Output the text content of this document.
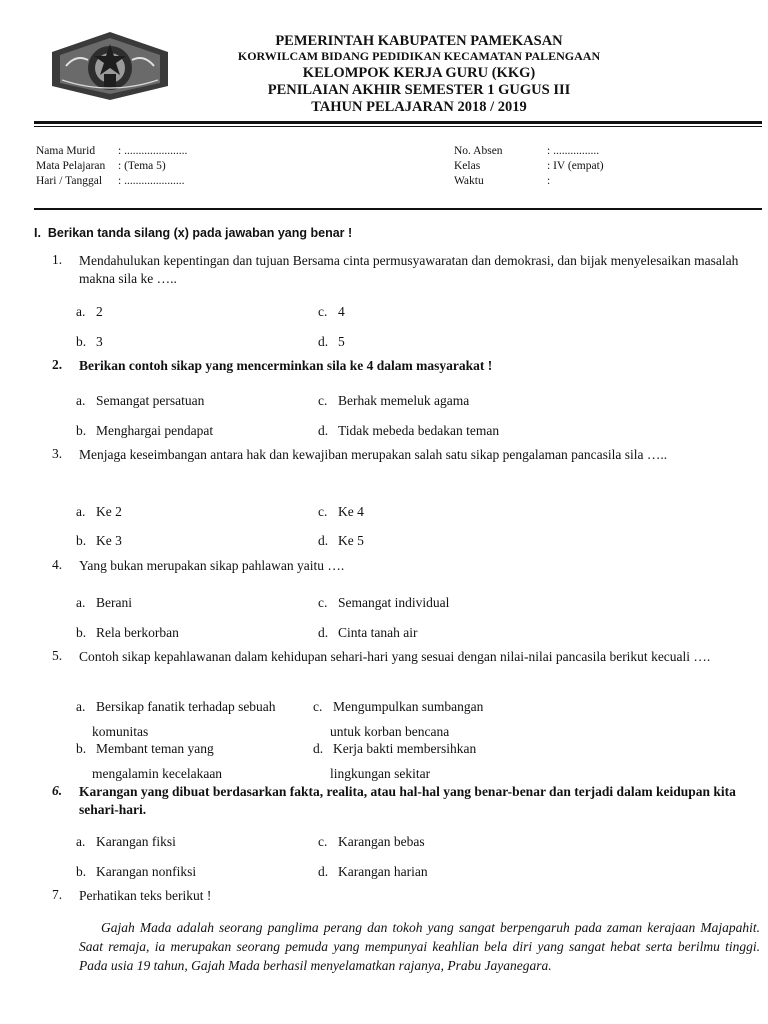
PEMERINTAH KABUPATEN PAMEKASAN
KORWILCAM BIDANG PEDIDIKAN KECAMATAN PALENGAAN
KELOMPOK KERJA GURU (KKG)
PENILAIAN AKHIR SEMESTER 1 GUGUS III
TAHUN PELAJARAN 2018 / 2019
Nama Murid : ......................
Mata Pelajaran : (Tema 5)
Hari / Tanggal : .....................
No. Absen	: ................
Kelas	: IV (empat)
Waktu	:
I. Berikan tanda silang (x) pada jawaban yang benar !
1. Mendahulukan kepentingan dan tujuan Bersama cinta permusyawaratan dan demokrasi, dan bijak menyelesaikan masalah makna sila ke …..
a. 2	c. 4
b. 3	d. 5
2. Berikan contoh sikap yang mencerminkan sila ke 4 dalam masyarakat !
a. Semangat persatuan	c. Berhak memeluk agama
b. Menghargai pendapat	d. Tidak mebeda bedakan teman
3. Menjaga keseimbangan antara hak dan kewajiban merupakan salah satu sikap pengalaman pancasila sila …..
a. Ke 2	c. Ke 4
b. Ke 3	d. Ke 5
4. Yang bukan merupakan sikap pahlawan yaitu ….
a. Berani	c. Semangat individual
b. Rela berkorban	d. Cinta tanah air
5. Contoh sikap kepahlawanan dalam kehidupan sehari-hari yang sesuai dengan nilai-nilai pancasila berikut kecuali ….
a. Bersikap fanatik terhadap sebuah
komunitas
c. Mengumpulkan sumbangan
untuk korban bencana
b. Membant teman yang
mengalamin kecelakaan
d. Kerja bakti membersihkan
lingkungan sekitar
6. Karangan yang dibuat berdasarkan fakta, realita, atau hal-hal yang benar-benar dan terjadi dalam keidupan kita sehari-hari.
a. Karangan fiksi	c. Karangan bebas
b. Karangan nonfiksi	d. Karangan harian
7. Perhatikan teks berikut !
Gajah Mada adalah seorang panglima perang dan tokoh yang sangat berpengaruh pada zaman kerajaan Majapahit. Saat remaja, ia merupakan seorang pemuda yang mempunyai keahlian bela diri yang sangat hebat serta berilmu tinggi. Pada usia 19 tahun, Gajah Mada berhasil menyelamatkan rajanya, Prabu Jayanegara.
